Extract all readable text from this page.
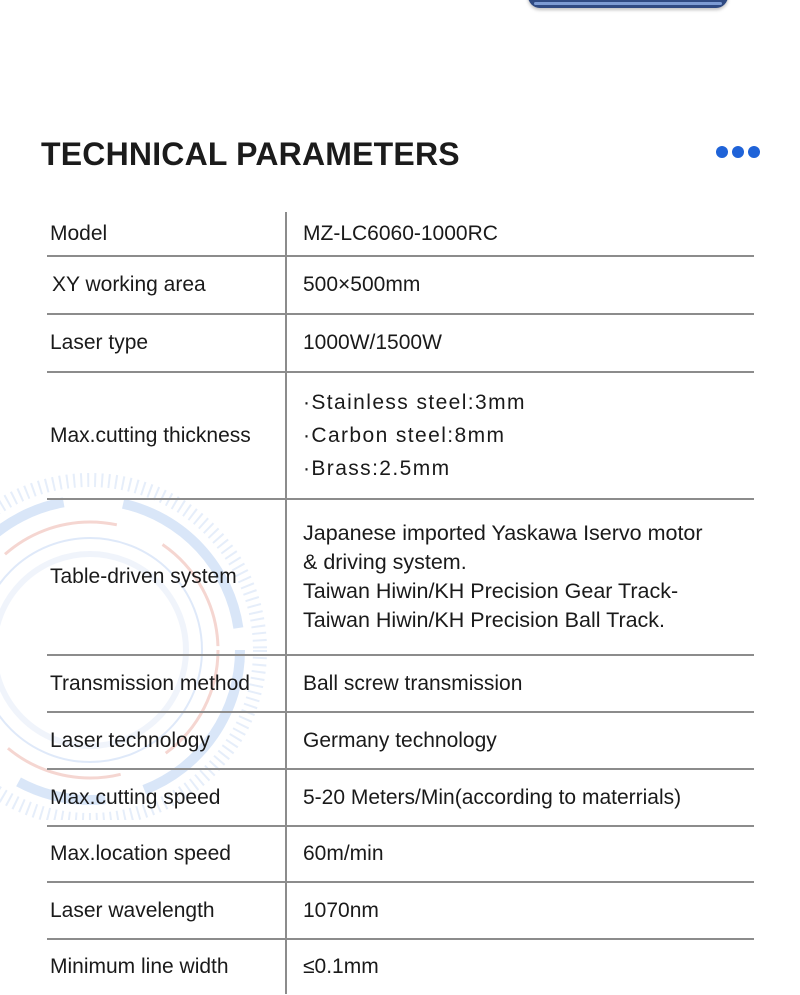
TECHNICAL PARAMETERS
Model	MZ-LC6060-1000RC

XY working area	500×500mm

Laser type	1000W/1500W

Max.cutting thickness	·Stainless steel:3mm
·Carbon steel:8mm
·Brass:2.5mm

Table-driven system	Japanese imported Yaskawa Iservo motor
& driving system.
Taiwan Hiwin/KH Precision Gear Track-
Taiwan Hiwin/KH Precision Ball Track.

Transmission method	Ball screw transmission

Laser technology	Germany technology

Max.cutting speed	5-20 Meters/Min(according to materrials)

Max.location speed	60m/min

Laser wavelength	1070nm

Minimum line width	≤0.1mm
